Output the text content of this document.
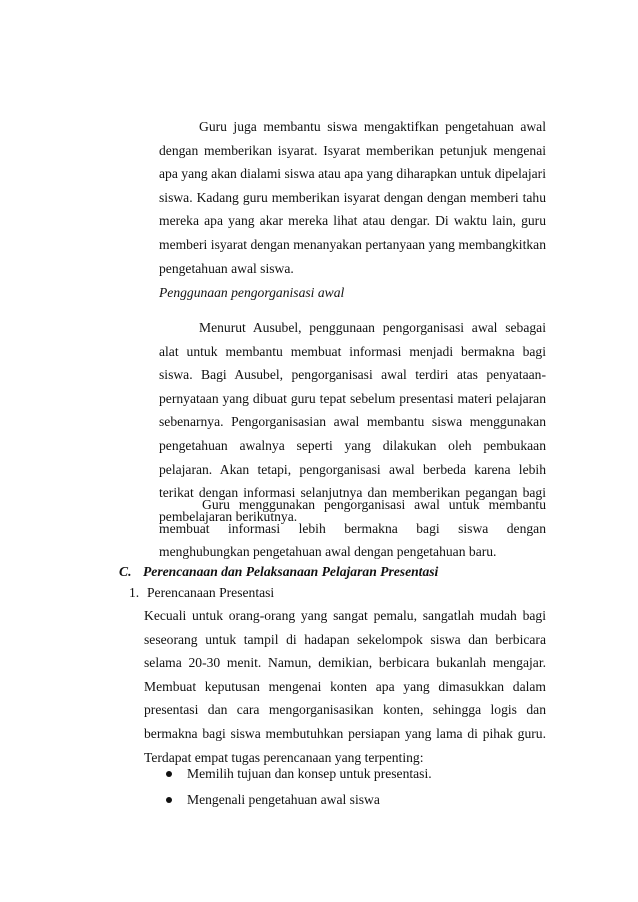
Guru juga membantu siswa mengaktifkan pengetahuan awal dengan memberikan isyarat. Isyarat memberikan petunjuk mengenai apa yang akan dialami siswa atau apa yang diharapkan untuk dipelajari siswa. Kadang guru memberikan isyarat dengan dengan memberi tahu mereka apa yang akar mereka lihat atau dengar. Di waktu lain, guru memberi isyarat dengan menanyakan pertanyaan yang membangkitkan pengetahuan awal siswa.

Penggunaan pengorganisasi awal

Menurut Ausubel, penggunaan pengorganisasi awal sebagai alat untuk membantu membuat informasi menjadi bermakna bagi siswa. Bagi Ausubel, pengorganisasi awal terdiri atas penyataan-pernyataan yang dibuat guru tepat sebelum presentasi materi pelajaran sebenarnya. Pengorganisasian awal membantu siswa menggunakan pengetahuan awalnya seperti yang dilakukan oleh pembukaan pelajaran. Akan tetapi, pengorganisasi awal berbeda karena lebih terikat dengan informasi selanjutnya dan memberikan pegangan bagi pembelajaran berikutnya.

Guru menggunakan pengorganisasi awal untuk membantu membuat informasi lebih bermakna bagi siswa dengan menghubungkan pengetahuan awal dengan pengetahuan baru.

C. Perencanaan dan Pelaksanaan Pelajaran Presentasi
1. Perencanaan Presentasi

Kecuali untuk orang-orang yang sangat pemalu, sangatlah mudah bagi seseorang untuk tampil di hadapan sekelompok siswa dan berbicara selama 20-30 menit. Namun, demikian, berbicara bukanlah mengajar. Membuat keputusan mengenai konten apa yang dimasukkan dalam presentasi dan cara mengorganisasikan konten, sehingga logis dan bermakna bagi siswa membutuhkan persiapan yang lama di pihak guru. Terdapat empat tugas perencanaan yang terpenting:

Memilih tujuan dan konsep untuk presentasi.
Mengenali pengetahuan awal siswa
